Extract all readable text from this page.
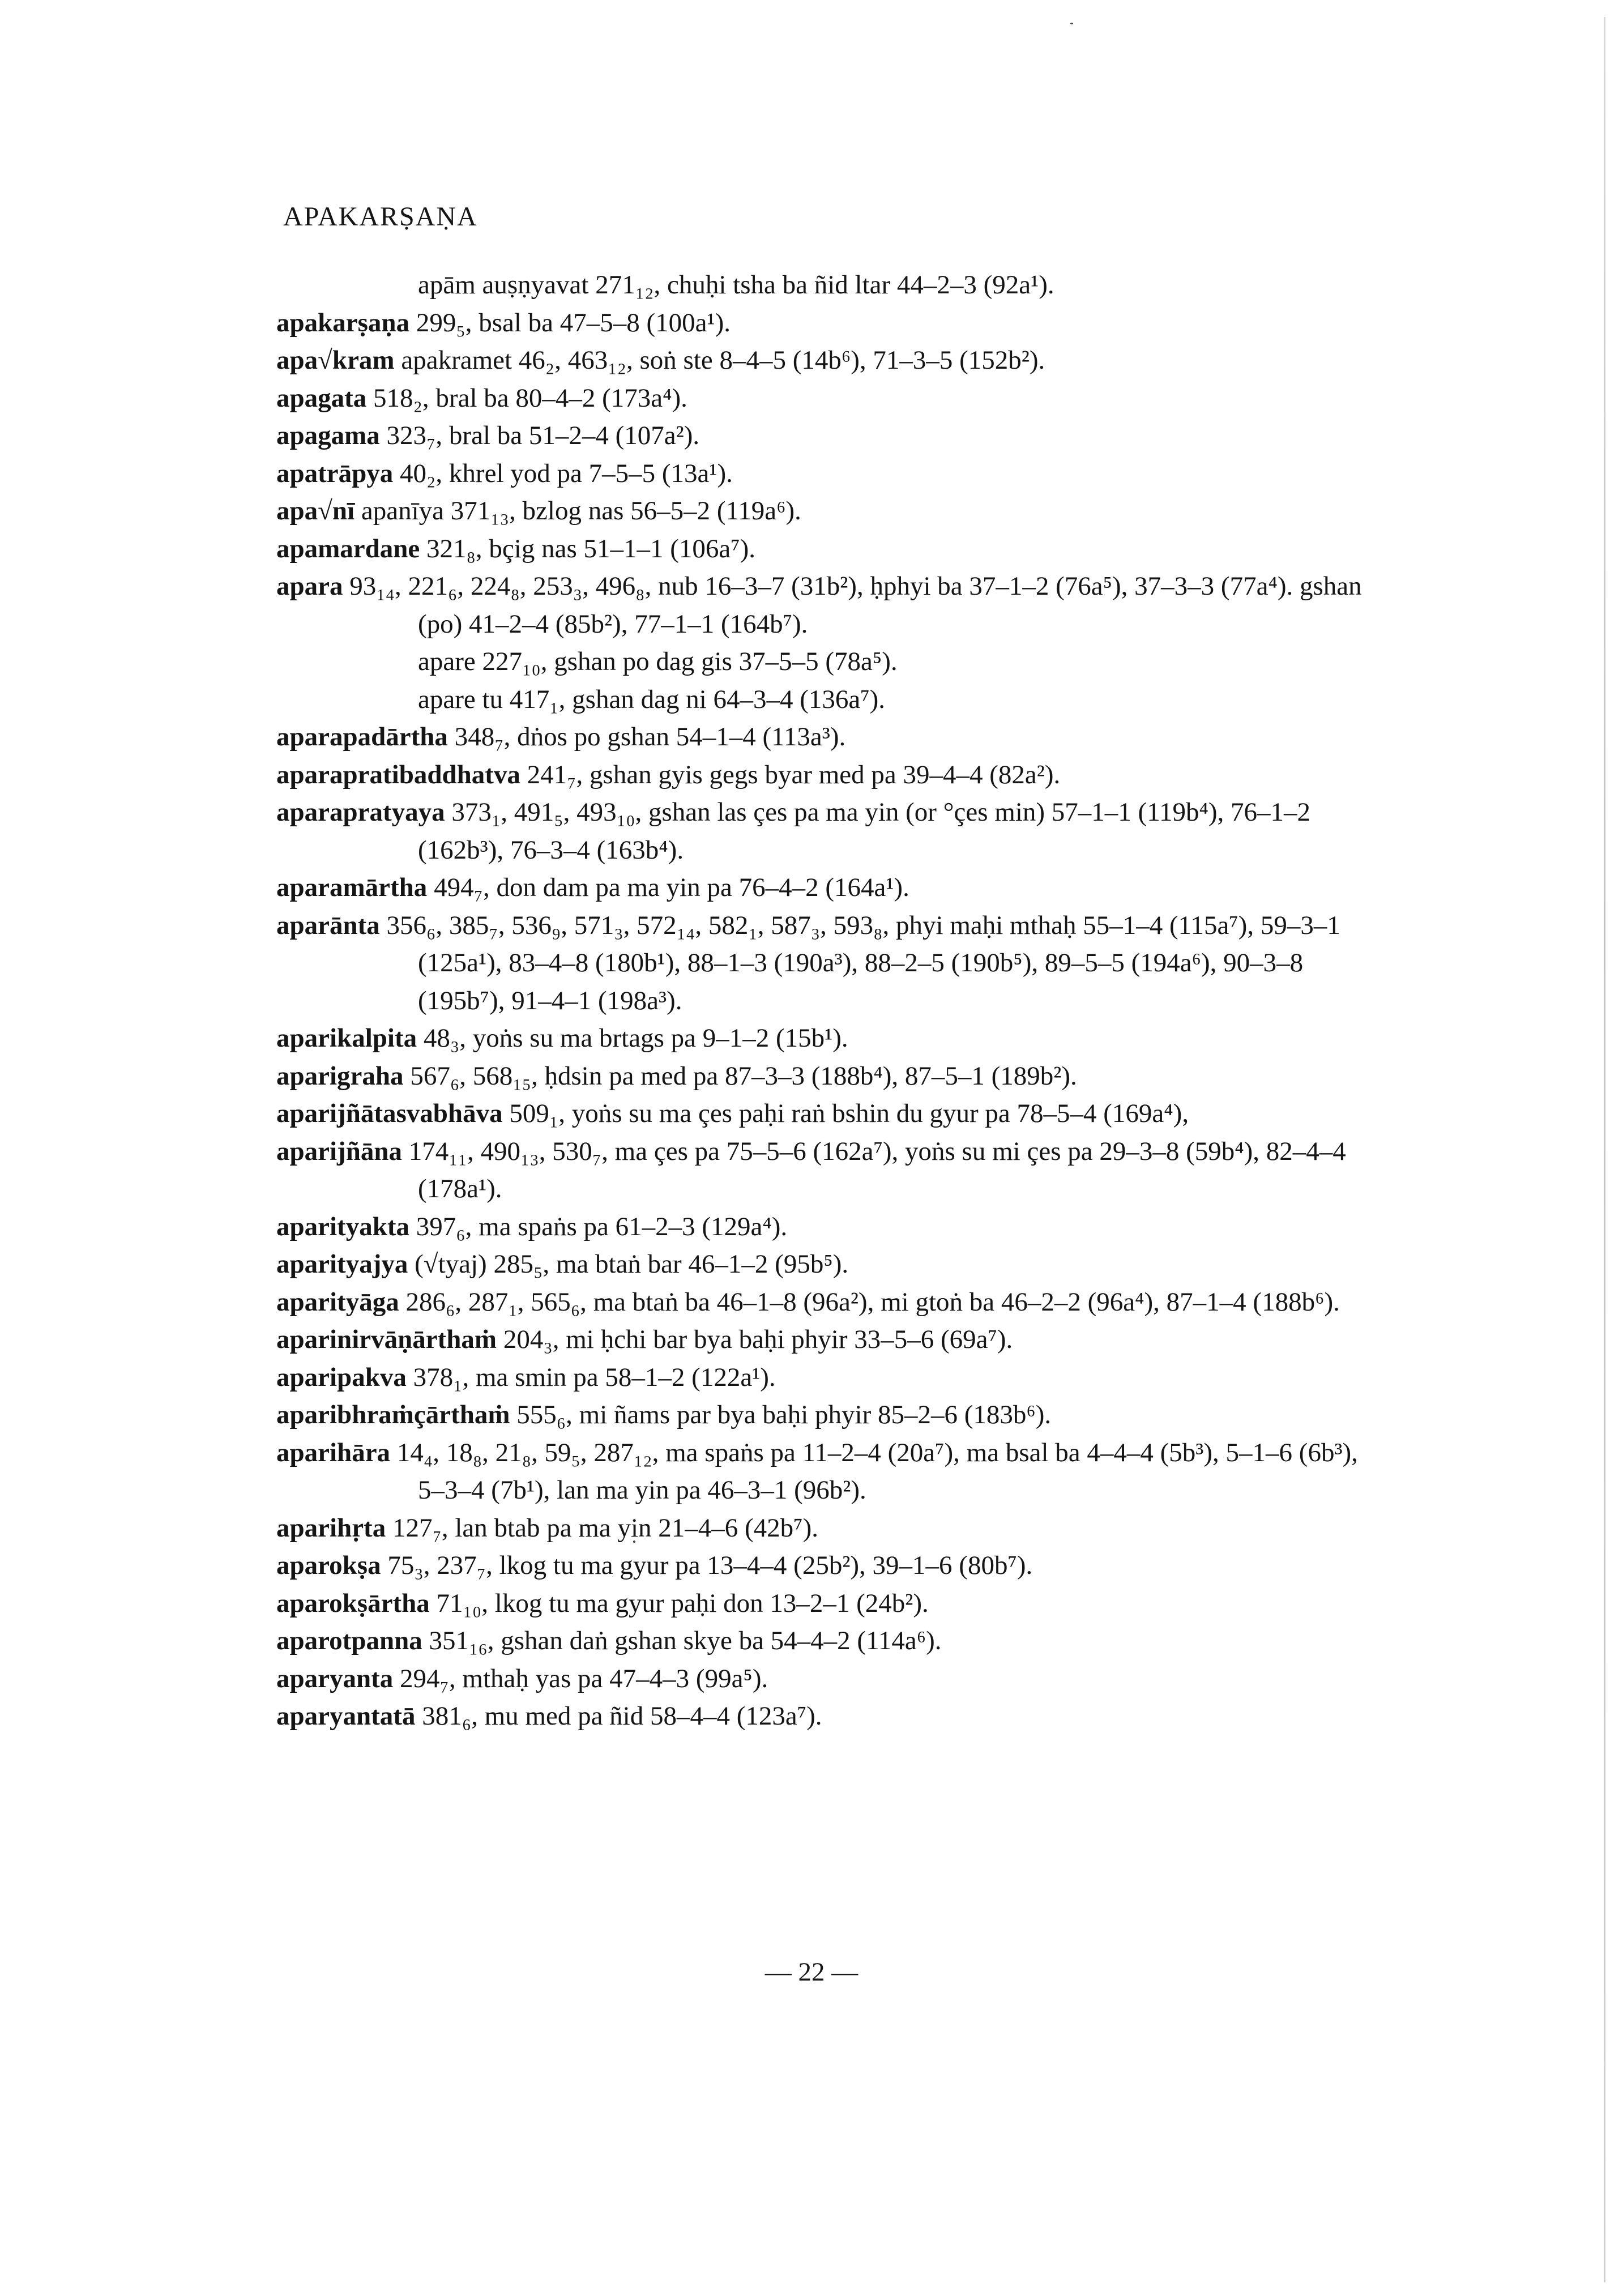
APAKARṢAṆA
apām auṣṇyavat 271₁₂, chuḥi tsha ba ñid ltar 44–2–3 (92a¹).
apakarṣaṇa 299₅, bsal ba 47–5–8 (100a¹).
apa√kram apakramet 46₂, 463₁₂, soṅ ste 8–4–5 (14b⁶), 71–3–5 (152b²).
apagata 518₂, bral ba 80–4–2 (173a⁴).
apagama 323₇, bral ba 51–2–4 (107a²).
apatrāpya 40₂, khrel yod pa 7–5–5 (13a¹).
apa√nī apanīya 371₁₃, bzlog nas 56–5–2 (119a⁶).
apamardane 321₈, bçig nas 51–1–1 (106a⁷).
apara 93₁₄, 221₆, 224₈, 253₃, 496₈, nub 16–3–7 (31b²), ḥphyi ba 37–1–2 (76a⁵), 37–3–3 (77a⁴). gshan (po) 41–2–4 (85b²), 77–1–1 (164b⁷).
apare 227₁₀, gshan po dag gis 37–5–5 (78a⁵).
apare tu 417₁, gshan dag ni 64–3–4 (136a⁷).
aparapadārtha 348₇, dṅos po gshan 54–1–4 (113a³).
aparapratibaddhatva 241₇, gshan gyis gegs byar med pa 39–4–4 (82a²).
aparapratyaya 373₁, 491₅, 493₁₀, gshan las çes pa ma yin (or °çes min) 57–1–1 (119b⁴), 76–1–2 (162b³), 76–3–4 (163b⁴).
aparamārtha 494₇, don dam pa ma yin pa 76–4–2 (164a¹).
aparānta 356₆, 385₇, 536₉, 571₃, 572₁₄, 582₁, 587₃, 593₈, phyi maḥi mthaḥ 55–1–4 (115a⁷), 59–3–1 (125a¹), 83–4–8 (180b¹), 88–1–3 (190a³), 88–2–5 (190b⁵), 89–5–5 (194a⁶), 90–3–8 (195b⁷), 91–4–1 (198a³).
aparikalpita 48₃, yoṅs su ma brtags pa 9–1–2 (15b¹).
aparigraha 567₆, 568₁₅, ḥdsin pa med pa 87–3–3 (188b⁴), 87–5–1 (189b²).
aparijñātasvabhāva 509₁, yoṅs su ma çes paḥi raṅ bshin du gyur pa 78–5–4 (169a⁴),
aparijñāna 174₁₁, 490₁₃, 530₇, ma çes pa 75–5–6 (162a⁷), yoṅs su mi çes pa 29–3–8 (59b⁴), 82–4–4 (178a¹).
aparityakta 397₆, ma spaṅs pa 61–2–3 (129a⁴).
aparityajya (√tyaj) 285₅, ma btaṅ bar 46–1–2 (95b⁵).
aparityāga 286₆, 287₁, 565₆, ma btaṅ ba 46–1–8 (96a²), mi gtoṅ ba 46–2–2 (96a⁴), 87–1–4 (188b⁶).
aparinirvāṇārthaṁ 204₃, mi ḥchi bar bya baḥi phyir 33–5–6 (69a⁷).
aparipakva 378₁, ma smin pa 58–1–2 (122a¹).
aparibhraṁçārthaṁ 555₆, mi ñams par bya baḥi phyir 85–2–6 (183b⁶).
aparihāra 14₄, 18₈, 21₈, 59₅, 287₁₂, ma spaṅs pa 11–2–4 (20a⁷), ma bsal ba 4–4–4 (5b³), 5–1–6 (6b³), 5–3–4 (7b¹), lan ma yin pa 46–3–1 (96b²).
aparihṛta 127₇, lan btab pa ma yin 21–4–6 (42b⁷).
aparokṣa 75₃, 237₇, lkog tu ma gyur pa 13–4–4 (25b²), 39–1–6 (80b⁷).
aparokṣārtha 71₁₀, lkog tu ma gyur paḥi don 13–2–1 (24b²).
aparotpanna 351₁₆, gshan daṅ gshan skye ba 54–4–2 (114a⁶).
aparyanta 294₇, mthaḥ yas pa 47–4–3 (99a⁵).
aparyantatā 381₆, mu med pa ñid 58–4–4 (123a⁷).
— 22 —
